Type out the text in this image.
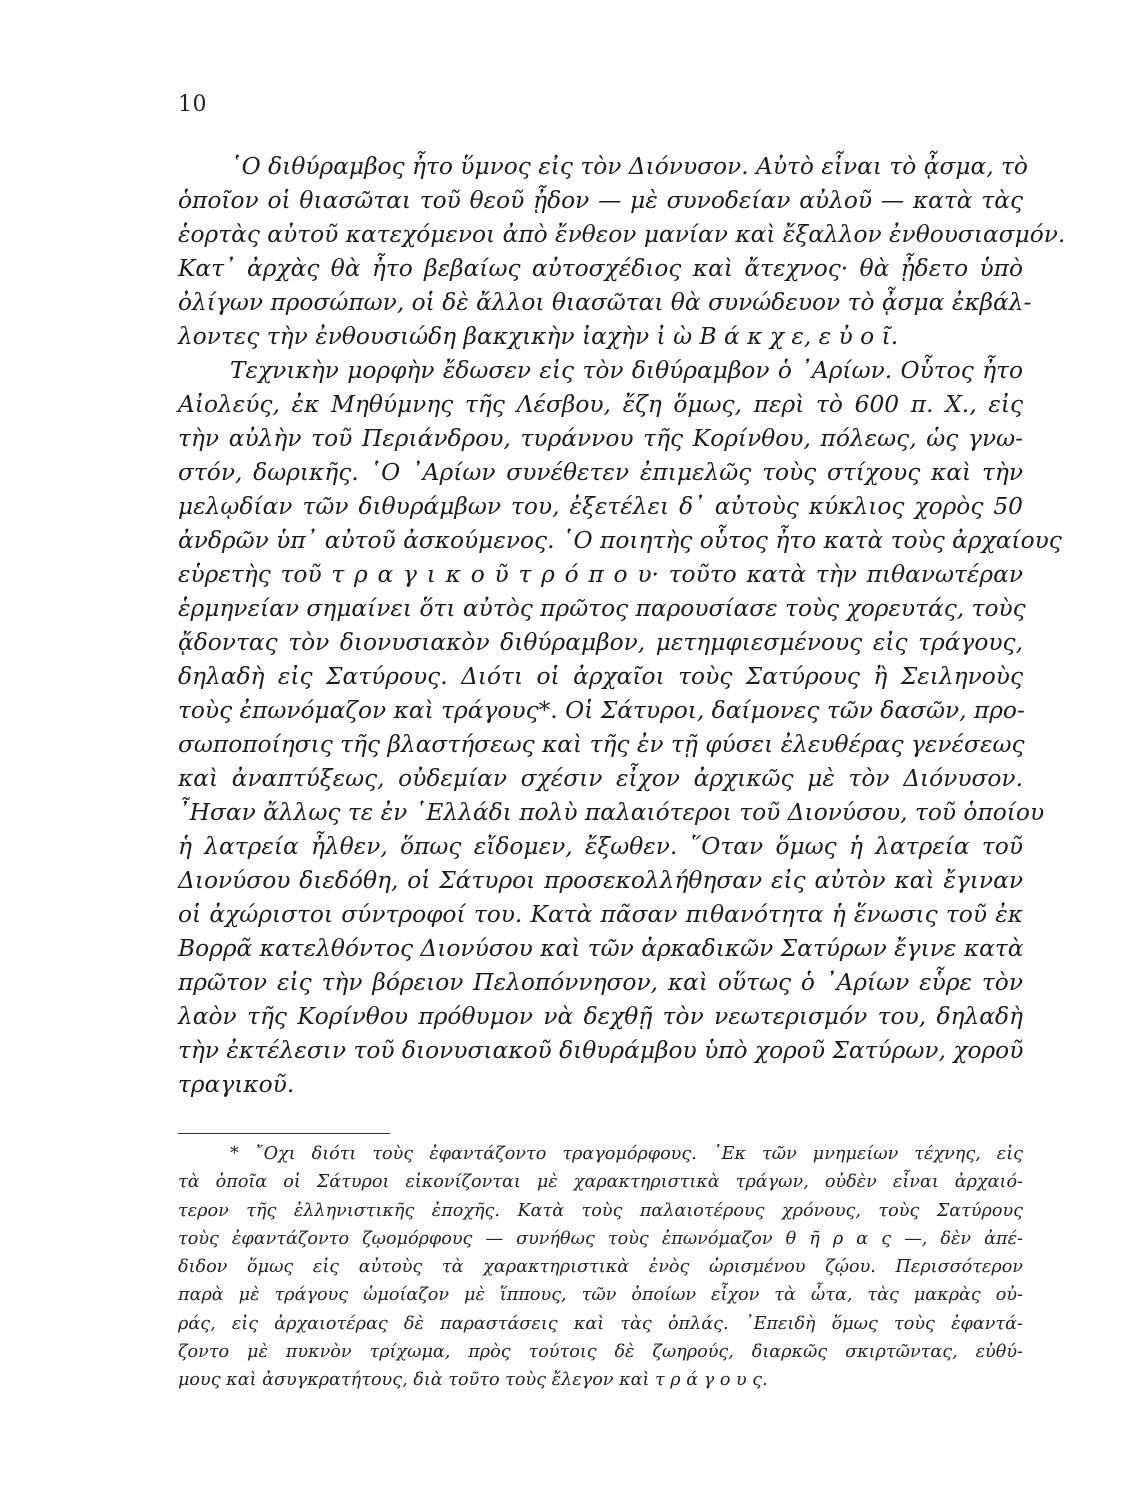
10
῾Ο διθύραμβος ἦτο ὕμνος εἰς τὸν Διόνυσον. Αὐτὸ εἶναι τὸ ᾆσμα, τὸ
ὁποῖον οἱ θιασῶται τοῦ θεοῦ ᾖδον — μὲ συνοδείαν αὐλοῦ — κατὰ τὰς
ἑορτὰς αὐτοῦ κατεχόμενοι ἀπὸ ἔνθεον μανίαν καὶ ἔξαλλον ἐνθουσιασμόν.
Κατ᾽ ἀρχὰς θὰ ἦτο βεβαίως αὐτοσχέδιος καὶ ἄτεχνος· θὰ ᾖδετο ὑπὸ
ὀλίγων προσώπων, οἱ δὲ ἄλλοι θιασῶται θὰ συνώδευον τὸ ᾆσμα ἐκβάλ-
λοντες τὴν ἐνθουσιώδη βακχικὴν ἰαχὴν ἰ ὼ Β ά κ χ ε, ε ὐ ο ῖ.
Τεχνικὴν μορφὴν ἔδωσεν εἰς τὸν διθύραμβον ὁ ᾽Αρίων. Οὗτος ἦτο
Αἰολεύς, ἐκ Μηθύμνης τῆς Λέσβου, ἔζη ὅμως, περὶ τὸ 600 π. Χ., εἰς
τὴν αὐλὴν τοῦ Περιάνδρου, τυράννου τῆς Κορίνθου, πόλεως, ὡς γνω-
στόν, δωρικῆς. ῾Ο ᾽Αρίων συνέθετεν ἐπιμελῶς τοὺς στίχους καὶ τὴν
μελῳδίαν τῶν διθυράμβων του, ἐξετέλει δ᾽ αὐτοὺς κύκλιος χορὸς 50
ἀνδρῶν ὑπ᾽ αὐτοῦ ἀσκούμενος. ῾Ο ποιητὴς οὗτος ἦτο κατὰ τοὺς ἀρχαίους
εὑρετὴς τοῦ τ ρ α γ ι κ ο ῦ τ ρ ό π ο υ· τοῦτο κατὰ τὴν πιθανωτέραν
ἑρμηνείαν σημαίνει ὅτι αὐτὸς πρῶτος παρουσίασε τοὺς χορευτάς, τοὺς
ᾄδοντας τὸν διονυσιακὸν διθύραμβον, μετημφιεσμένους εἰς τράγους,
δηλαδὴ εἰς Σατύρους. Διότι οἱ ἀρχαῖοι τοὺς Σατύρους ἢ Σειληνοὺς
τοὺς ἐπωνόμαζον καὶ τράγους*. Οἱ Σάτυροι, δαίμονες τῶν δασῶν, προ-
σωποποίησις τῆς βλαστήσεως καὶ τῆς ἐν τῇ φύσει ἐλευθέρας γενέσεως
καὶ ἀναπτύξεως, οὐδεμίαν σχέσιν εἶχον ἀρχικῶς μὲ τὸν Διόνυσον.
῏Ησαν ἄλλως τε ἐν ῾Ελλάδι πολὺ παλαιότεροι τοῦ Διονύσου, τοῦ ὁποίου
ἡ λατρεία ἦλθεν, ὅπως εἴδομεν, ἔξωθεν. ῞Οταν ὅμως ἡ λατρεία τοῦ
Διονύσου διεδόθη, οἱ Σάτυροι προσεκολλήθησαν εἰς αὐτὸν καὶ ἔγιναν
οἱ ἀχώριστοι σύντροφοί του. Κατὰ πᾶσαν πιθανότητα ἡ ἕνωσις τοῦ ἐκ
Βορρᾶ κατελθόντος Διονύσου καὶ τῶν ἀρκαδικῶν Σατύρων ἔγινε κατὰ
πρῶτον εἰς τὴν βόρειον Πελοπόννησον, καὶ οὕτως ὁ ᾽Αρίων εὗρε τὸν
λαὸν τῆς Κορίνθου πρόθυμον νὰ δεχθῇ τὸν νεωτερισμόν του, δηλαδὴ
τὴν ἐκτέλεσιν τοῦ διονυσιακοῦ διθυράμβου ὑπὸ χοροῦ Σατύρων, χοροῦ
τραγικοῦ.
* ῎Οχι διότι τοὺς ἐφαντάζοντο τραγομόρφους. ᾽Εκ τῶν μνημείων τέχνης, εἰς
τὰ ὁποῖα οἱ Σάτυροι εἰκονίζονται μὲ χαρακτηριστικὰ τράγων, οὐδὲν εἶναι ἀρχαιό-
τερον τῆς ἑλληνιστικῆς ἐποχῆς. Κατὰ τοὺς παλαιοτέρους χρόνους, τοὺς Σατύρους
τοὺς ἐφαντάζοντο ζῳομόρφους — συνήθως τοὺς ἐπωνόμαζον θ ῆ ρ α ς —, δὲν ἀπέ-
διδον ὅμως εἰς αὐτοὺς τὰ χαρακτηριστικὰ ἑνὸς ὡρισμένου ζῴου. Περισσότερον
παρὰ μὲ τράγους ὡμοίαζον μὲ ἵππους, τῶν ὁποίων εἶχον τὰ ὦτα, τὰς μακρὰς οὐ-
ράς, εἰς ἀρχαιοτέρας δὲ παραστάσεις καὶ τὰς ὁπλάς. ᾽Επειδὴ ὅμως τοὺς ἐφαντά-
ζοντο μὲ πυκνὸν τρίχωμα, πρὸς τούτοις δὲ ζωηρούς, διαρκῶς σκιρτῶντας, εὐθύ-
μους καὶ ἀσυγκρατήτους, διὰ τοῦτο τοὺς ἔλεγον καὶ τ ρ ά γ ο υ ς.
